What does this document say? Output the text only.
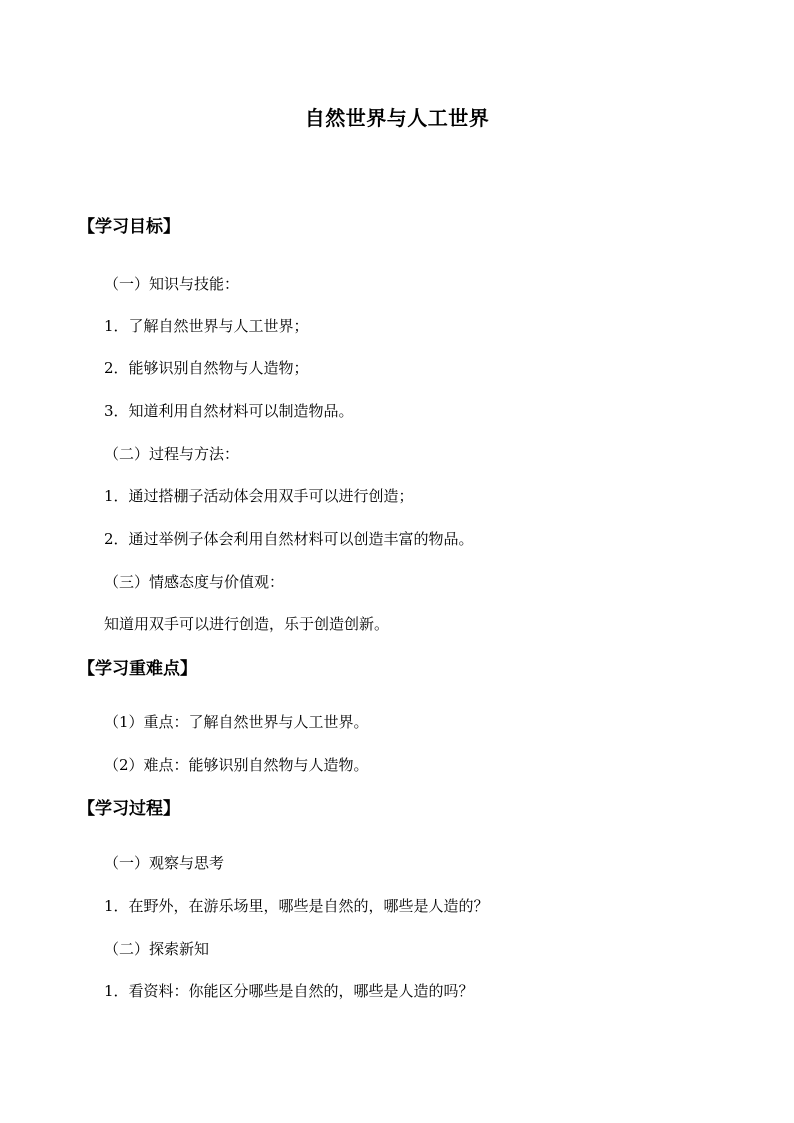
自然世界与人工世界
【学习目标】
（一）知识与技能：
1．了解自然世界与人工世界；
2．能够识别自然物与人造物；
3．知道利用自然材料可以制造物品。
（二）过程与方法：
1．通过搭棚子活动体会用双手可以进行创造；
2．通过举例子体会利用自然材料可以创造丰富的物品。
（三）情感态度与价值观：
知道用双手可以进行创造，乐于创造创新。
【学习重难点】
（1）重点：了解自然世界与人工世界。
（2）难点：能够识别自然物与人造物。
【学习过程】
（一）观察与思考
1．在野外，在游乐场里，哪些是自然的，哪些是人造的？
（二）探索新知
1．看资料：你能区分哪些是自然的，哪些是人造的吗？
